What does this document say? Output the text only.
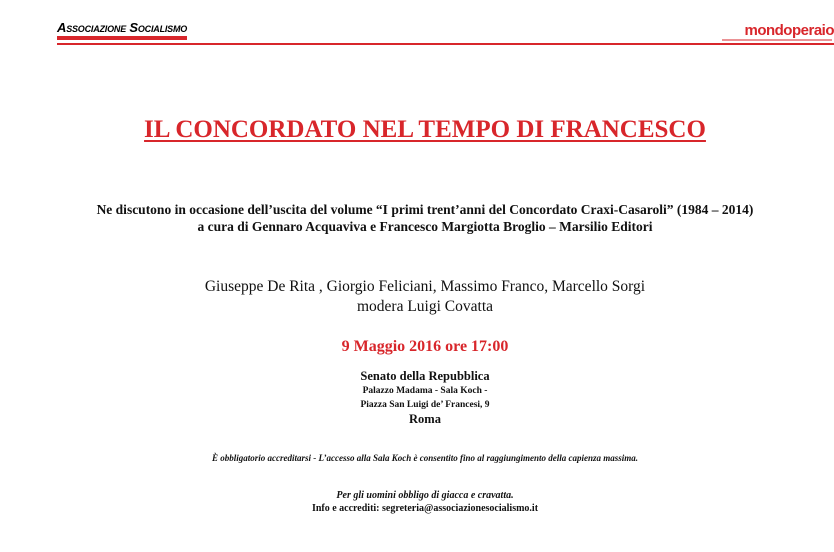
Associazione Socialismo	mondoperaio
IL CONCORDATO NEL TEMPO DI FRANCESCO
Ne discutono in occasione dell’uscita del volume “I primi trent’anni del Concordato Craxi-Casaroli” (1984 – 2014)
a cura di Gennaro Acquaviva e Francesco Margiotta Broglio – Marsilio Editori
Giuseppe De Rita , Giorgio Feliciani, Massimo Franco, Marcello Sorgi
modera Luigi Covatta
9 Maggio 2016 ore 17:00
Senato della Repubblica
Palazzo Madama - Sala Koch -
Piazza San Luigi de’ Francesi, 9
Roma
È obbligatorio accreditarsi - L’accesso alla Sala Koch è consentito fino al raggiungimento della capienza massima.
Per gli uomini obbligo di giacca e cravatta.
Info e accrediti: segreteria@associazionesocialismo.it
